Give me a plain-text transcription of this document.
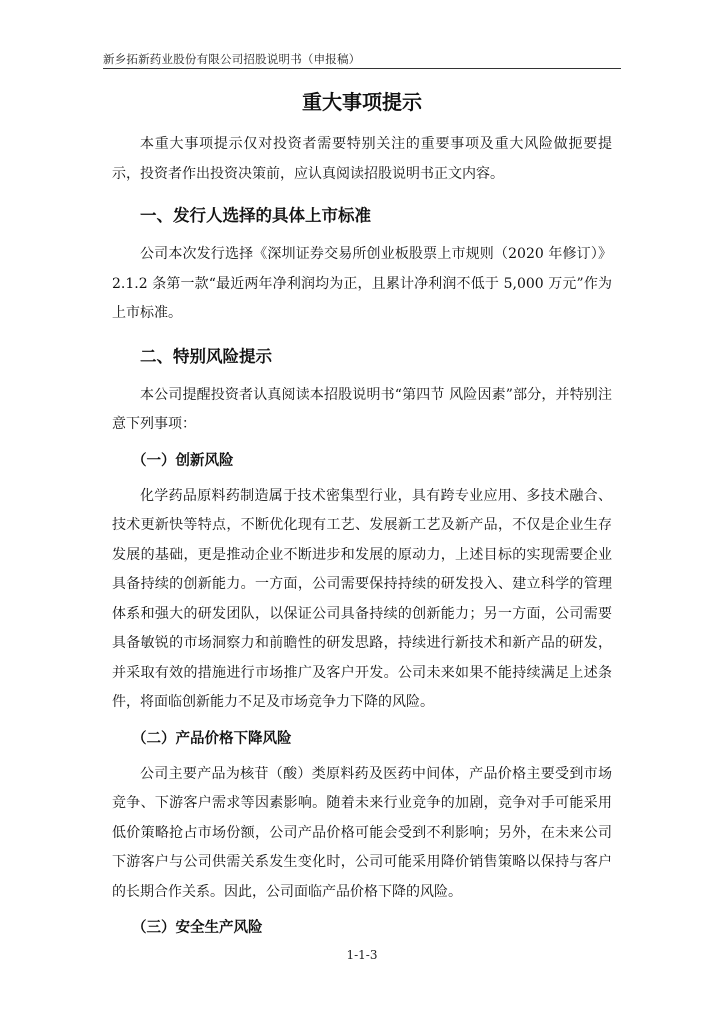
新乡拓新药业股份有限公司招股说明书（申报稿）
重大事项提示

本重大事项提示仅对投资者需要特别关注的重要事项及重大风险做扼要提示，投资者作出投资决策前，应认真阅读招股说明书正文内容。

一、发行人选择的具体上市标准

公司本次发行选择《深圳证券交易所创业板股票上市规则（2020 年修订）》2.1.2 条第一款“最近两年净利润均为正，且累计净利润不低于 5,000 万元”作为上市标准。

二、特别风险提示

本公司提醒投资者认真阅读本招股说明书“第四节 风险因素”部分，并特别注意下列事项：

（一）创新风险

化学药品原料药制造属于技术密集型行业，具有跨专业应用、多技术融合、技术更新快等特点，不断优化现有工艺、发展新工艺及新产品，不仅是企业生存发展的基础，更是推动企业不断进步和发展的原动力，上述目标的实现需要企业具备持续的创新能力。一方面，公司需要保持持续的研发投入、建立科学的管理体系和强大的研发团队，以保证公司具备持续的创新能力；另一方面，公司需要具备敏锐的市场洞察力和前瞻性的研发思路，持续进行新技术和新产品的研发，并采取有效的措施进行市场推广及客户开发。公司未来如果不能持续满足上述条件，将面临创新能力不足及市场竞争力下降的风险。

（二）产品价格下降风险

公司主要产品为核苷（酸）类原料药及医药中间体，产品价格主要受到市场竞争、下游客户需求等因素影响。随着未来行业竞争的加剧，竞争对手可能采用低价策略抢占市场份额，公司产品价格可能会受到不利影响；另外，在未来公司下游客户与公司供需关系发生变化时，公司可能采用降价销售策略以保持与客户的长期合作关系。因此，公司面临产品价格下降的风险。

（三）安全生产风险
1-1-3
